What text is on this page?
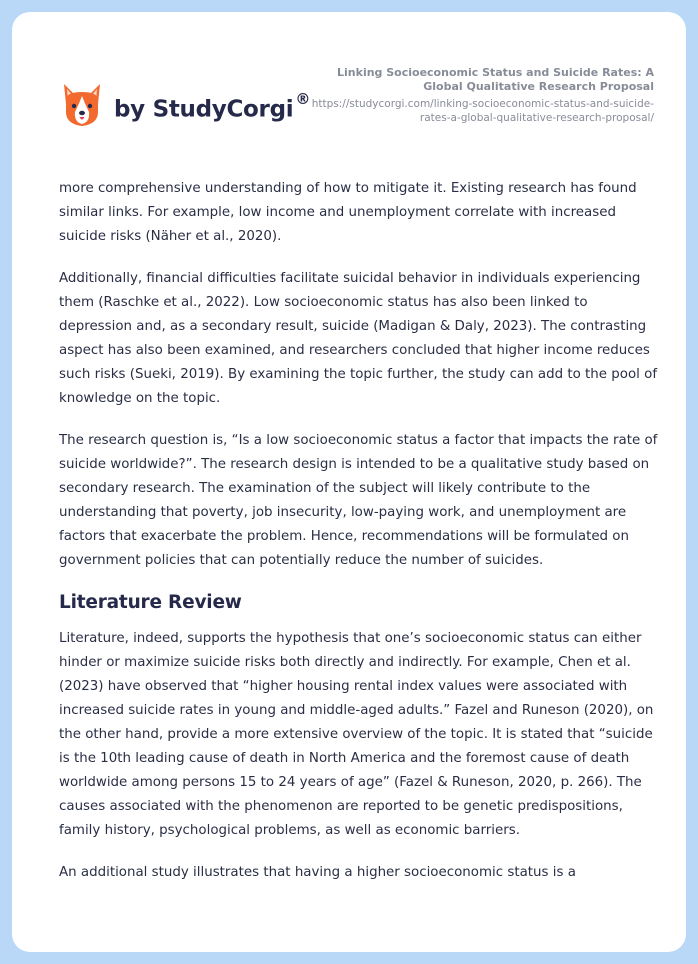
by StudyCorgi ®
Linking Socioeconomic Status and Suicide Rates: A Global Qualitative Research Proposal
https://studycorgi.com/linking-socioeconomic-status-and-suicide-rates-a-global-qualitative-research-proposal/

more comprehensive understanding of how to mitigate it. Existing research has found similar links. For example, low income and unemployment correlate with increased suicide risks (Näher et al., 2020).

Additionally, financial difficulties facilitate suicidal behavior in individuals experiencing them (Raschke et al., 2022). Low socioeconomic status has also been linked to depression and, as a secondary result, suicide (Madigan & Daly, 2023). The contrasting aspect has also been examined, and researchers concluded that higher income reduces such risks (Sueki, 2019). By examining the topic further, the study can add to the pool of knowledge on the topic.

The research question is, “Is a low socioeconomic status a factor that impacts the rate of suicide worldwide?”. The research design is intended to be a qualitative study based on secondary research. The examination of the subject will likely contribute to the understanding that poverty, job insecurity, low-paying work, and unemployment are factors that exacerbate the problem. Hence, recommendations will be formulated on government policies that can potentially reduce the number of suicides.

Literature Review

Literature, indeed, supports the hypothesis that one’s socioeconomic status can either hinder or maximize suicide risks both directly and indirectly. For example, Chen et al. (2023) have observed that “higher housing rental index values were associated with increased suicide rates in young and middle-aged adults.” Fazel and Runeson (2020), on the other hand, provide a more extensive overview of the topic. It is stated that “suicide is the 10th leading cause of death in North America and the foremost cause of death worldwide among persons 15 to 24 years of age” (Fazel & Runeson, 2020, p. 266). The causes associated with the phenomenon are reported to be genetic predispositions, family history, psychological problems, as well as economic barriers.

An additional study illustrates that having a higher socioeconomic status is a
